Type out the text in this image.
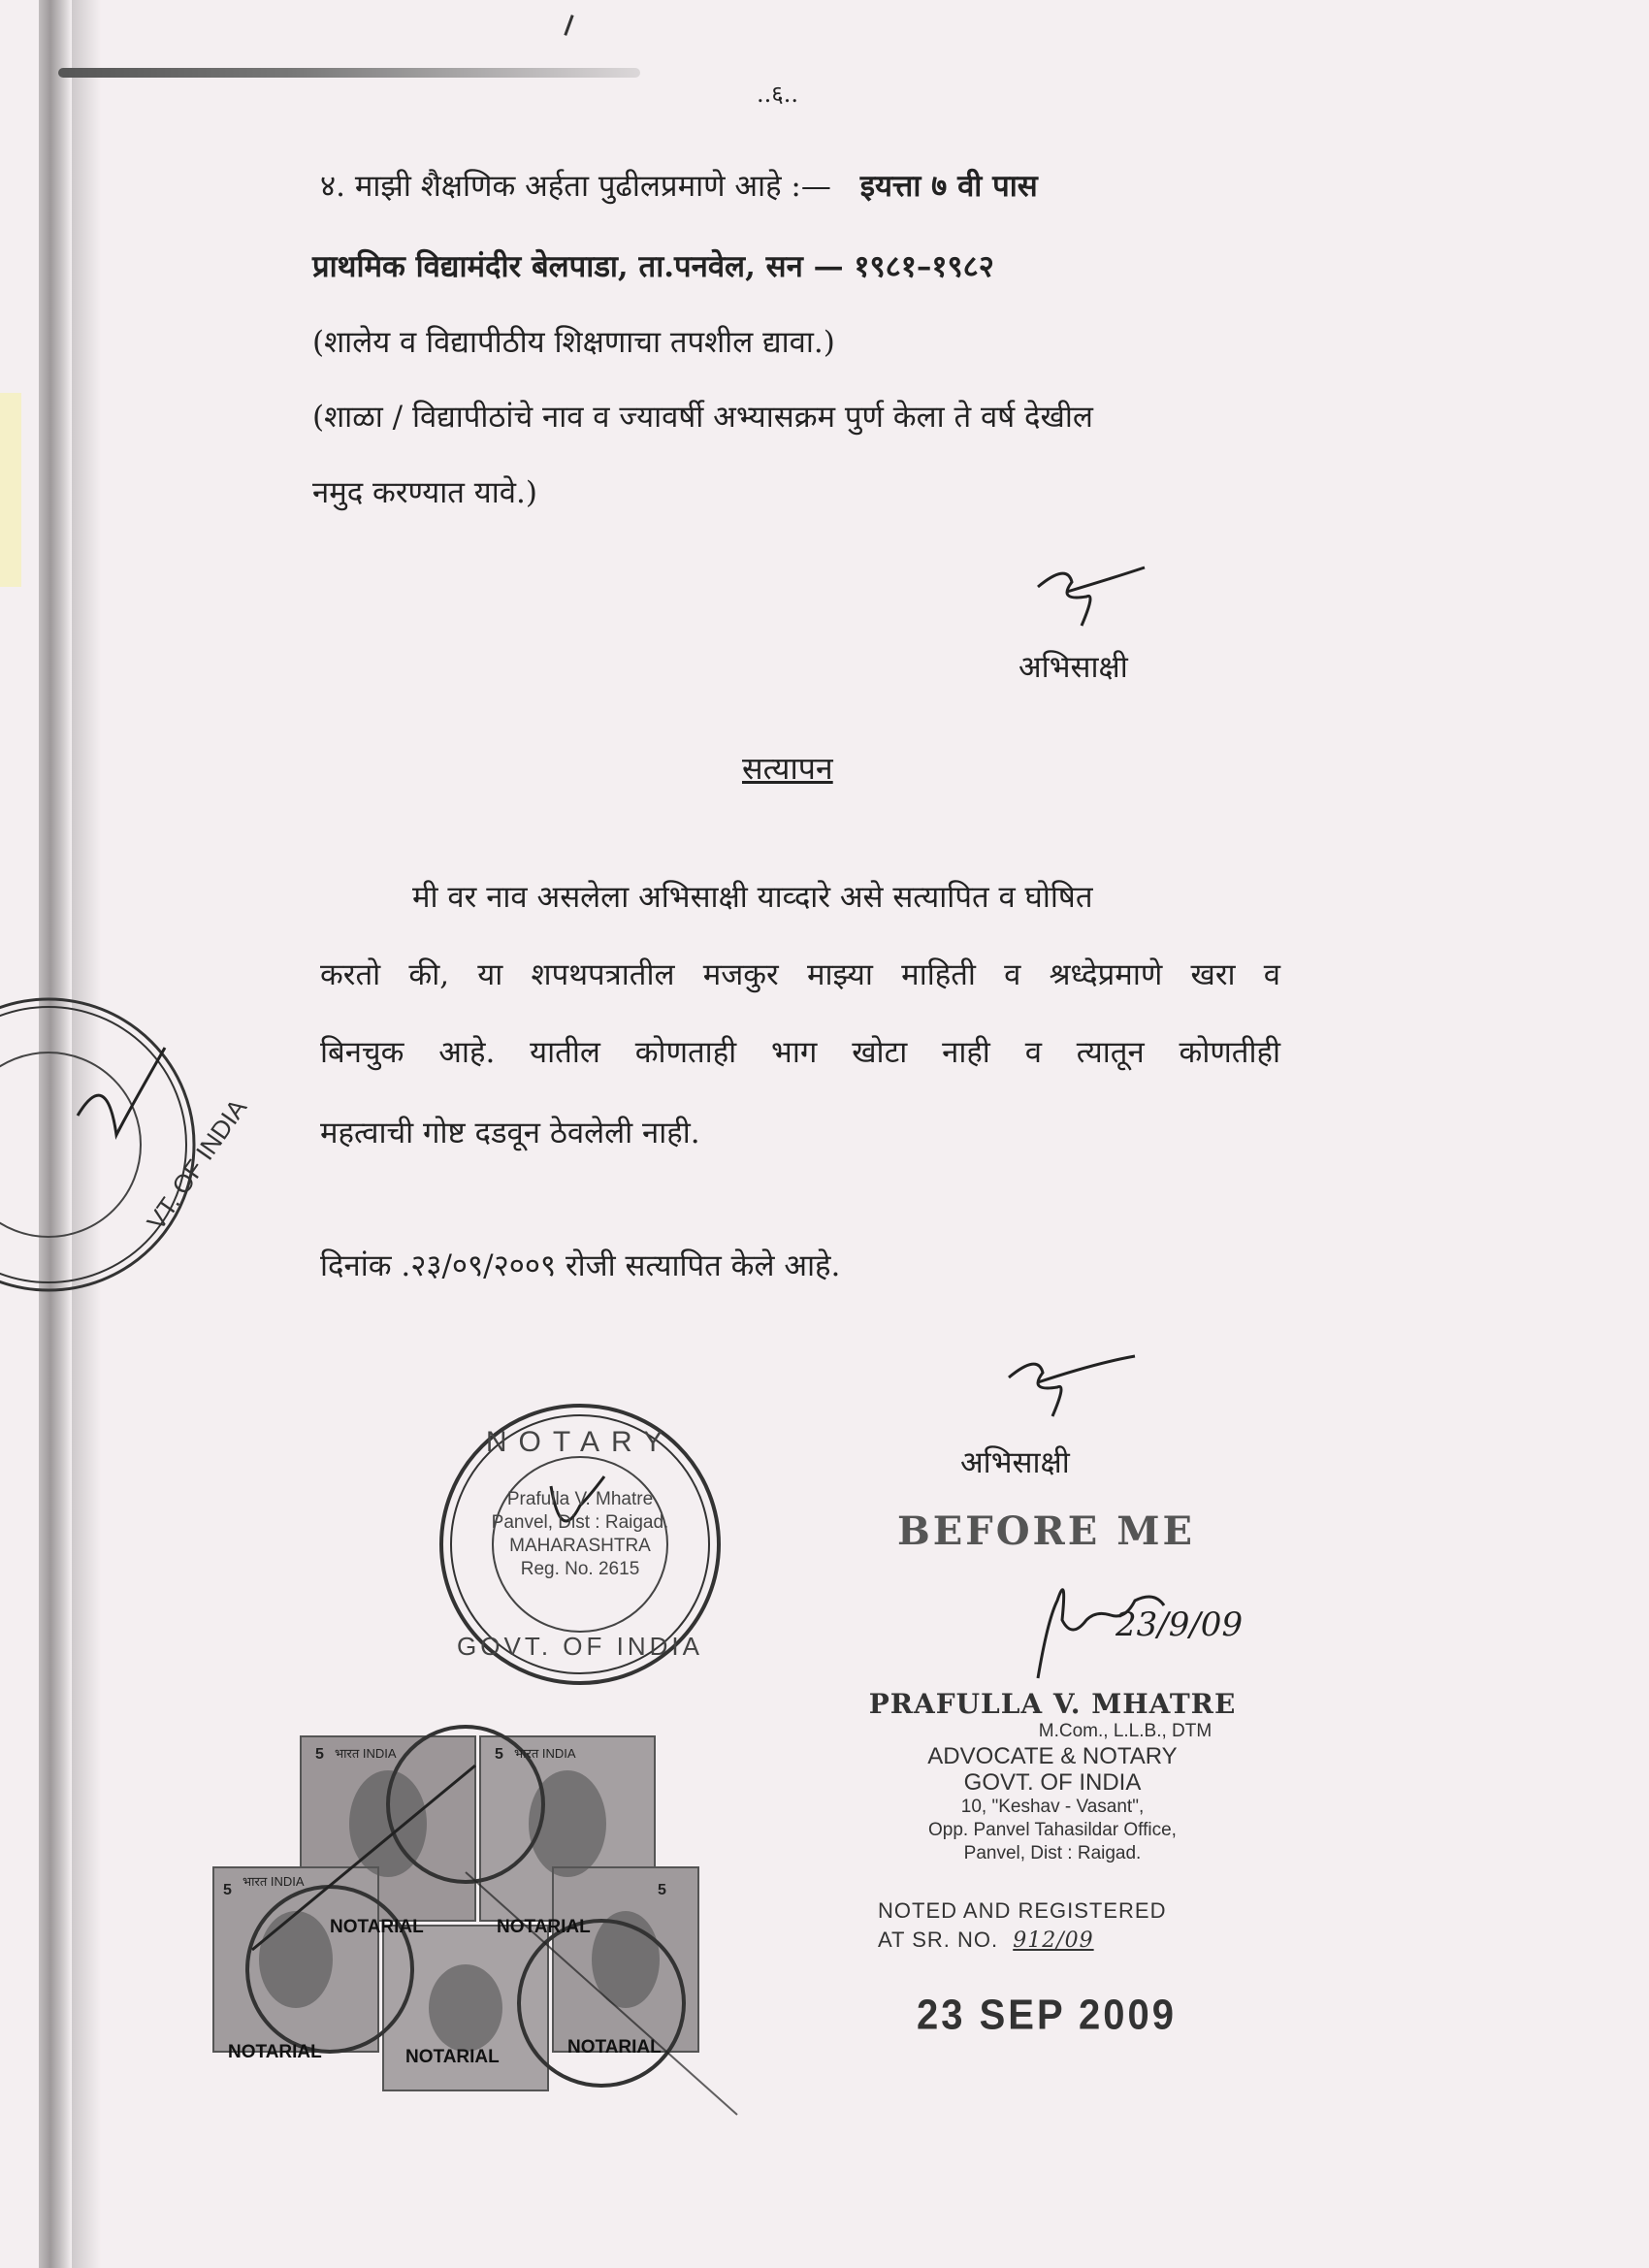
..६..
४. माझी शैक्षणिक अर्हता पुढीलप्रमाणे आहे :— इयत्ता ७ वी पास
प्राथमिक विद्यामंदीर बेलपाडा, ता.पनवेल, सन — १९८१–१९८२
(शालेय व विद्यापीठीय शिक्षणाचा तपशील द्यावा.)
(शाळा / विद्यापीठांचे नाव व ज्यावर्षी अभ्यासक्रम पुर्ण केला ते वर्ष देखील
नमुद करण्यात यावे.)
अभिसाक्षी
सत्यापन
मी वर नाव असलेला अभिसाक्षी याव्दारे असे सत्यापित व घोषित
करतो की, या शपथपत्रातील मजकुर माझ्या माहिती व श्रध्देप्रमाणे खरा व
बिनचुक आहे. यातील कोणताही भाग खोटा नाही व त्यातून कोणतीही
महत्वाची गोष्ट दडवून ठेवलेली नाही.
दिनांक .२३/०९/२००९ रोजी सत्यापित केले आहे.
VT. OF INDIA
अभिसाक्षी
NOTARY
Prafulla V. Mhatre
Panvel, Dist : Raigad.
MAHARASHTRA
Reg. No. 2615
GOVT. OF INDIA
BEFORE ME
23/9/09
PRAFULLA V. MHATRE
M.Com., L.L.B., DTM
ADVOCATE & NOTARY
GOVT. OF INDIA
10, "Keshav - Vasant",
Opp. Panvel Tahasildar Office,
Panvel, Dist : Raigad.
NOTED AND REGISTERED
AT SR. NO. 912/09
23 SEP 2009
भारत INDIA	भारत INDIA
भारत INDIA
5	5
5	5
NOTARIAL	NOTARIAL
NOTARIAL	NOTARIAL	NOTARIAL
